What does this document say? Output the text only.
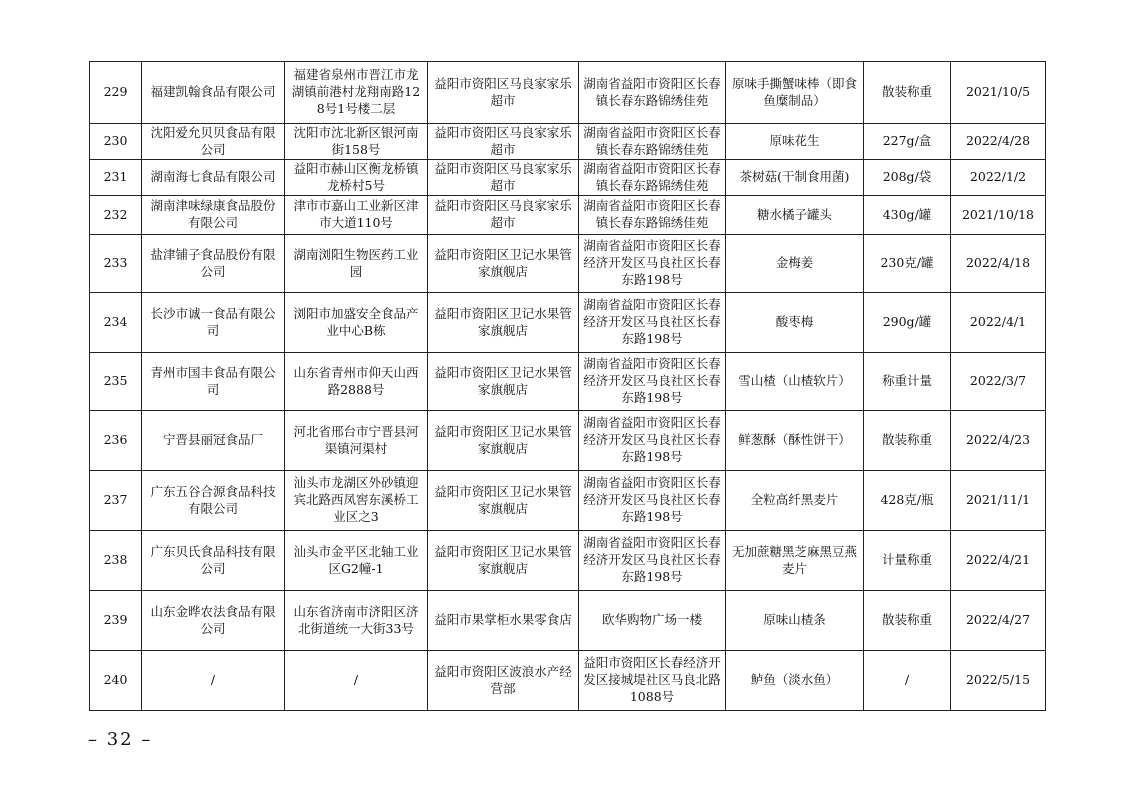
229	福建凯翰食品有限公司	福建省泉州市晋江市龙湖镇前港村龙翔南路128号1号楼二层	益阳市资阳区马良家家乐超市	湖南省益阳市资阳区长春镇长春东路锦绣佳苑	原味手撕蟹味棒（即食鱼糜制品）	散装称重	2021/10/5
230	沈阳爱允贝贝食品有限公司	沈阳市沈北新区银河南街158号	益阳市资阳区马良家家乐超市	湖南省益阳市资阳区长春镇长春东路锦绣佳苑	原味花生	227g/盒	2022/4/28
231	湖南海七食品有限公司	益阳市赫山区衡龙桥镇龙桥村5号	益阳市资阳区马良家家乐超市	湖南省益阳市资阳区长春镇长春东路锦绣佳苑	茶树菇(干制食用菌)	208g/袋	2022/1/2
232	湖南津味绿康食品股份有限公司	津市市嘉山工业新区津市大道110号	益阳市资阳区马良家家乐超市	湖南省益阳市资阳区长春镇长春东路锦绣佳苑	糖水橘子罐头	430g/罐	2021/10/18
233	盐津铺子食品股份有限公司	湖南浏阳生物医药工业园	益阳市资阳区卫记水果管家旗舰店	湖南省益阳市资阳区长春经济开发区马良社区长春东路198号	金梅姜	230克/罐	2022/4/18
234	长沙市诚一食品有限公司	浏阳市加盛安全食品产业中心B栋	益阳市资阳区卫记水果管家旗舰店	湖南省益阳市资阳区长春经济开发区马良社区长春东路198号	酸枣梅	290g/罐	2022/4/1
235	青州市国丰食品有限公司	山东省青州市仰天山西路2888号	益阳市资阳区卫记水果管家旗舰店	湖南省益阳市资阳区长春经济开发区马良社区长春东路198号	雪山楂（山楂软片）	称重计量	2022/3/7
236	宁晋县丽冠食品厂	河北省邢台市宁晋县河渠镇河渠村	益阳市资阳区卫记水果管家旗舰店	湖南省益阳市资阳区长春经济开发区马良社区长春东路198号	鲜葱酥（酥性饼干）	散装称重	2022/4/23
237	广东五谷合源食品科技有限公司	汕头市龙湖区外砂镇迎宾北路西凤窖东溪桥工业区之3	益阳市资阳区卫记水果管家旗舰店	湖南省益阳市资阳区长春经济开发区马良社区长春东路198号	全粒高纤黑麦片	428克/瓶	2021/11/1
238	广东贝氏食品科技有限公司	汕头市金平区北轴工业区G2幢-1	益阳市资阳区卫记水果管家旗舰店	湖南省益阳市资阳区长春经济开发区马良社区长春东路198号	无加蔗糖黑芝麻黑豆燕麦片	计量称重	2022/4/21
239	山东金晔农法食品有限公司	山东省济南市济阳区济北街道统一大街33号	益阳市果掌柜水果零食店	欧华购物广场一楼	原味山楂条	散装称重	2022/4/27
240	/	/	益阳市资阳区波浪水产经营部	益阳市资阳区长春经济开发区接城堤社区马良北路1088号	鲈鱼（淡水鱼）	/	2022/5/15
– 32 –
